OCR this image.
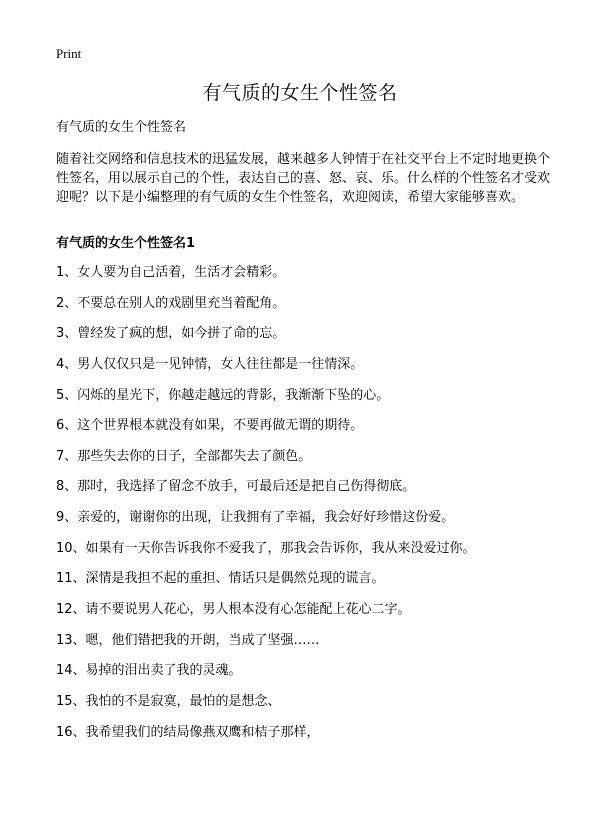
Print
有气质的女生个性签名

有气质的女生个性签名

随着社交网络和信息技术的迅猛发展，越来越多人钟情于在社交平台上不定时地更换个性签名，用以展示自己的个性，表达自己的喜、怒、哀、乐。什么样的个性签名才受欢迎呢？以下是小编整理的有气质的女生个性签名，欢迎阅读，希望大家能够喜欢。

有气质的女生个性签名1
1、女人要为自己活着，生活才会精彩。
2、不要总在别人的戏剧里充当着配角。
3、曾经发了疯的想，如今拼了命的忘。
4、男人仅仅只是一见钟情，女人往往都是一往情深。
5、闪烁的星光下，你越走越远的背影，我渐渐下坠的心。
6、这个世界根本就没有如果，不要再做无谓的期待。
7、那些失去你的日子，全部都失去了颜色。
8、那时，我选择了留念不放手，可最后还是把自己伤得彻底。
9、亲爱的，谢谢你的出现，让我拥有了幸福，我会好好珍惜这份爱。
10、如果有一天你告诉我你不爱我了，那我会告诉你，我从来没爱过你。
11、深情是我担不起的重担、情话只是偶然兑现的谎言。
12、请不要说男人花心，男人根本没有心怎能配上花心二字。
13、嗯，他们错把我的开朗，当成了坚强……
14、易掉的泪出卖了我的灵魂。
15、我怕的不是寂寞，最怕的是想念、
16、我希望我们的结局像燕双鹰和桔子那样，
